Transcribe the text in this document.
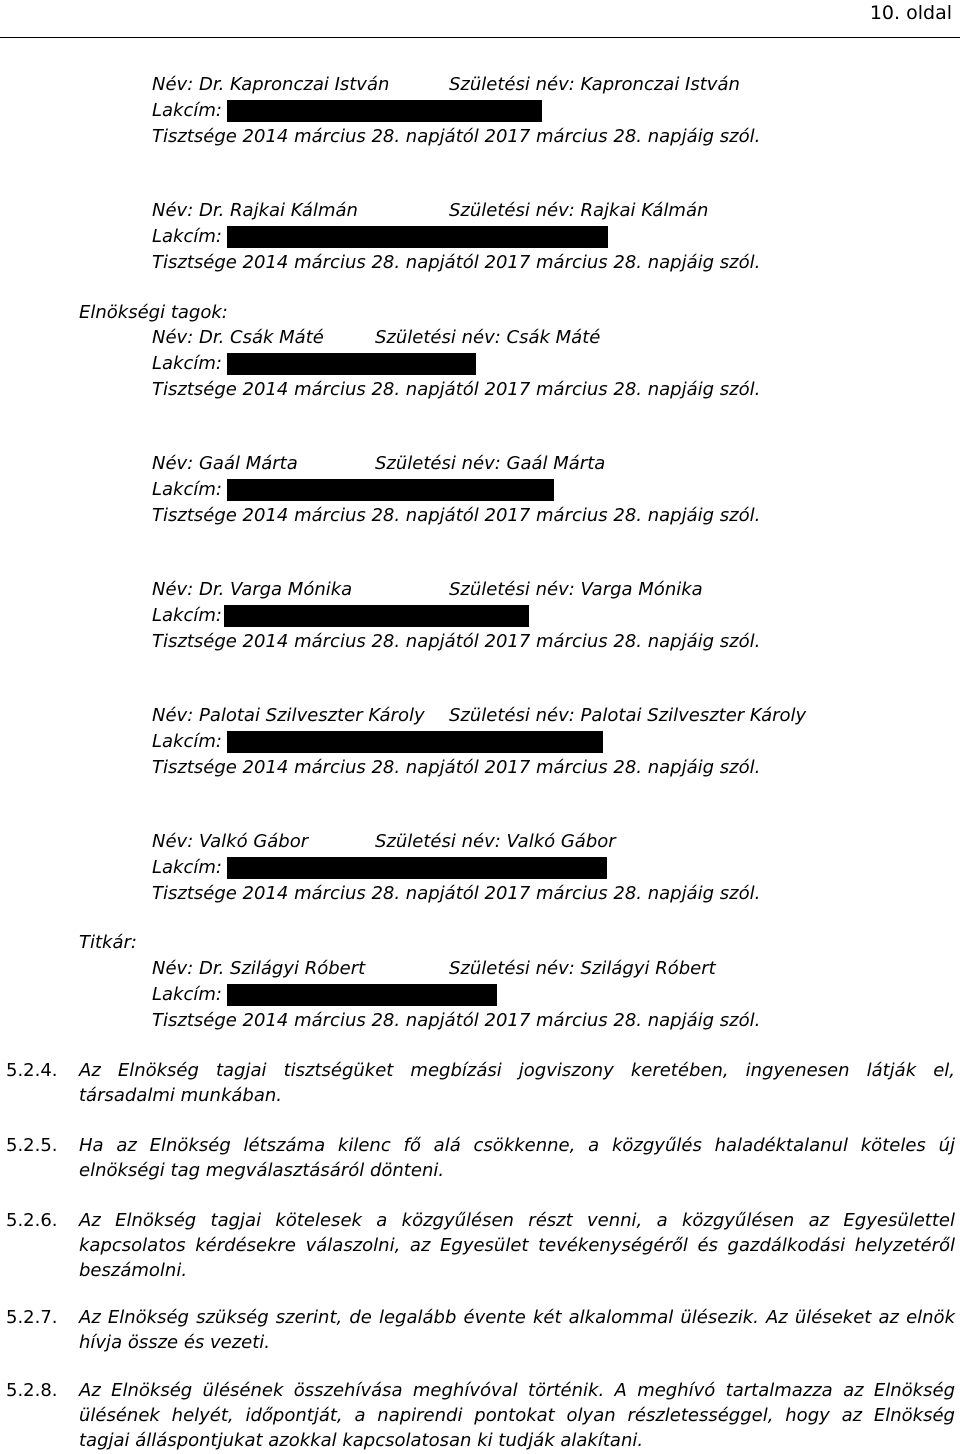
10. oldal
Név: Dr. Kapronczai István	Születési név: Kapronczai István
Lakcím:
Tisztsége 2014 március 28. napjától 2017 március 28. napjáig szól.
Név: Dr. Rajkai Kálmán	Születési név: Rajkai Kálmán
Lakcím:
Tisztsége 2014 március 28. napjától 2017 március 28. napjáig szól.
Elnökségi tagok:
Név: Dr. Csák Máté	Születési név: Csák Máté
Lakcím:
Tisztsége 2014 március 28. napjától 2017 március 28. napjáig szól.
Név: Gaál Márta	Születési név: Gaál Márta
Lakcím:
Tisztsége 2014 március 28. napjától 2017 március 28. napjáig szól.
Név: Dr. Varga Mónika	Születési név: Varga Mónika
Lakcím:
Tisztsége 2014 március 28. napjától 2017 március 28. napjáig szól.
Név: Palotai Szilveszter Károly Születési név: Palotai Szilveszter Károly
Lakcím:
Tisztsége 2014 március 28. napjától 2017 március 28. napjáig szól.
Név: Valkó Gábor	Születési név: Valkó Gábor
Lakcím:
Tisztsége 2014 március 28. napjától 2017 március 28. napjáig szól.
Titkár:
Név: Dr. Szilágyi Róbert	Születési név: Szilágyi Róbert
Lakcím:
Tisztsége 2014 március 28. napjától 2017 március 28. napjáig szól.
5.2.4. Az Elnökség tagjai tisztségüket megbízási jogviszony keretében, ingyenesen látják el,
társadalmi munkában.
5.2.5. Ha az Elnökség létszáma kilenc fő alá csökkenne, a közgyűlés haladéktalanul köteles új
elnökségi tag megválasztásáról dönteni.
5.2.6. Az Elnökség tagjai kötelesek a közgyűlésen részt venni, a közgyűlésen az Egyesülettel
kapcsolatos kérdésekre válaszolni, az Egyesület tevékenységéről és gazdálkodási helyzetéről
beszámolni.
5.2.7. Az Elnökség szükség szerint, de legalább évente két alkalommal ülésezik. Az üléseket az elnök
hívja össze és vezeti.
5.2.8. Az Elnökség ülésének összehívása meghívóval történik. A meghívó tartalmazza az Elnökség
ülésének helyét, időpontját, a napirendi pontokat olyan részletességgel, hogy az Elnökség
tagjai álláspontjukat azokkal kapcsolatosan ki tudják alakítani.
